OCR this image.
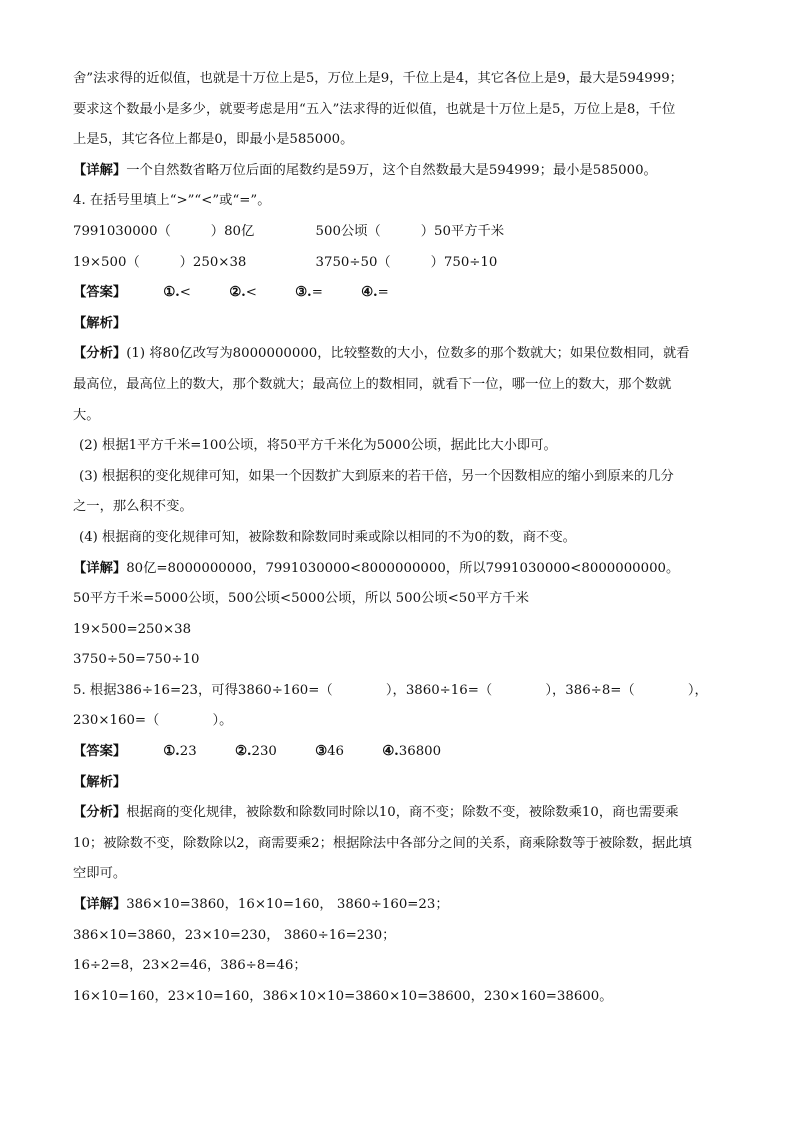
舍”法求得的近似值，也就是十万位上是5，万位上是9，千位上是4，其它各位上是9，最大是594999；
要求这个数最小是多少，就要考虑是用“五入”法求得的近似值，也就是十万位上是5，万位上是8，千位
上是5，其它各位上都是0，即最小是585000。
【详解】一个自然数省略万位后面的尾数约是59万，这个自然数最大是594999；最小是585000。
4. 在括号里填上“>”“<”或“=”。
7991030000（　　　）80亿	500公顷（　　　）50平方千米
19×500（　　　）250×38	3750÷50（　　　）750÷10
【答案】	①.<	②.<	③.=	④.=
【解析】
【分析】(1) 将80亿改写为8000000000，比较整数的大小，位数多的那个数就大；如果位数相同，就看
最高位，最高位上的数大，那个数就大；最高位上的数相同，就看下一位，哪一位上的数大，那个数就
大。
(2) 根据1平方千米=100公顷，将50平方千米化为5000公顷，据此比大小即可。
(3) 根据积的变化规律可知，如果一个因数扩大到原来的若干倍，另一个因数相应的缩小到原来的几分
之一，那么积不变。
(4) 根据商的变化规律可知，被除数和除数同时乘或除以相同的不为0的数，商不变。
【详解】80亿=8000000000，7991030000<8000000000，所以7991030000<8000000000。
50平方千米=5000公顷，500公顷<5000公顷，所以 500公顷<50平方千米
19×500=250×38
3750÷50=750÷10
5. 根据386÷16=23，可得3860÷160=（　　　　），3860÷16=（　　　　），386÷8=（　　　　），
230×160=（　　　　）。
【答案】	①.23	②.230	③46	④.36800
【解析】
【分析】根据商的变化规律，被除数和除数同时除以10，商不变；除数不变，被除数乘10，商也需要乘
10；被除数不变，除数除以2，商需要乘2；根据除法中各部分之间的关系，商乘除数等于被除数，据此填
空即可。
【详解】386×10=3860，16×10=160， 3860÷160=23；
386×10=3860，23×10=230， 3860÷16=230；
16÷2=8，23×2=46，386÷8=46；
16×10=160，23×10=160，386×10×10=3860×10=38600，230×160=38600。
